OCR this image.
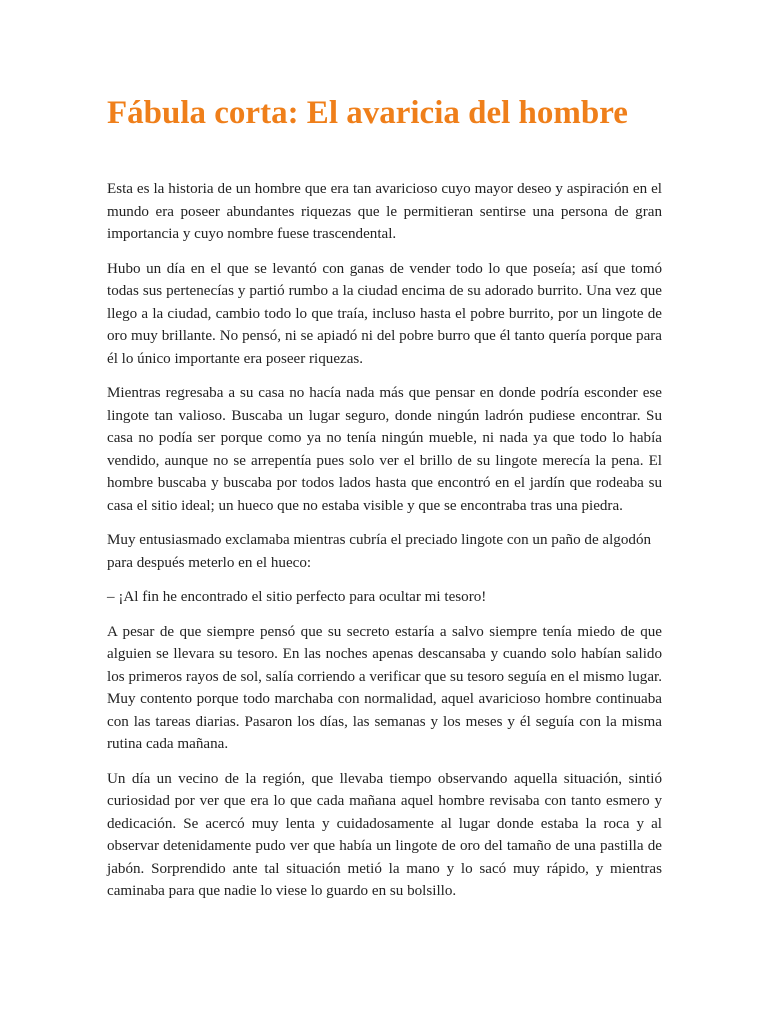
Fábula corta: El avaricia del hombre

Esta es la historia de un hombre que era tan avaricioso cuyo mayor deseo y aspiración en el mundo era poseer abundantes riquezas que le permitieran sentirse una persona de gran importancia y cuyo nombre fuese trascendental.

Hubo un día en el que se levantó con ganas de vender todo lo que poseía; así que tomó todas sus pertenecías y partió rumbo a la ciudad encima de su adorado burrito. Una vez que llego a la ciudad, cambio todo lo que traía, incluso hasta el pobre burrito, por un lingote de oro muy brillante. No pensó, ni se apiadó ni del pobre burro que él tanto quería porque para él lo único importante era poseer riquezas.

Mientras regresaba a su casa no hacía nada más que pensar en donde podría esconder ese lingote tan valioso. Buscaba un lugar seguro, donde ningún ladrón pudiese encontrar. Su casa no podía ser porque como ya no tenía ningún mueble, ni nada ya que todo lo había vendido, aunque no se arrepentía pues solo ver el brillo de su lingote merecía la pena. El hombre buscaba y buscaba por todos lados hasta que encontró en el jardín que rodeaba su casa el sitio ideal; un hueco que no estaba visible y que se encontraba tras una piedra.

Muy entusiasmado exclamaba mientras cubría el preciado lingote con un paño de algodón para después meterlo en el hueco:

– ¡Al fin he encontrado el sitio perfecto para ocultar mi tesoro!

A pesar de que siempre pensó que su secreto estaría a salvo siempre tenía miedo de que alguien se llevara su tesoro. En las noches apenas descansaba y cuando solo habían salido los primeros rayos de sol, salía corriendo a verificar que su tesoro seguía en el mismo lugar. Muy contento porque todo marchaba con normalidad, aquel avaricioso hombre continuaba con las tareas diarias. Pasaron los días, las semanas y los meses y él seguía con la misma rutina cada mañana.

Un día un vecino de la región, que llevaba tiempo observando aquella situación, sintió curiosidad por ver que era lo que cada mañana aquel hombre revisaba con tanto esmero y dedicación. Se acercó muy lenta y cuidadosamente al lugar donde estaba la roca y al observar detenidamente pudo ver que había un lingote de oro del tamaño de una pastilla de jabón. Sorprendido ante tal situación metió la mano y lo sacó muy rápido, y mientras caminaba para que nadie lo viese lo guardo en su bolsillo.
